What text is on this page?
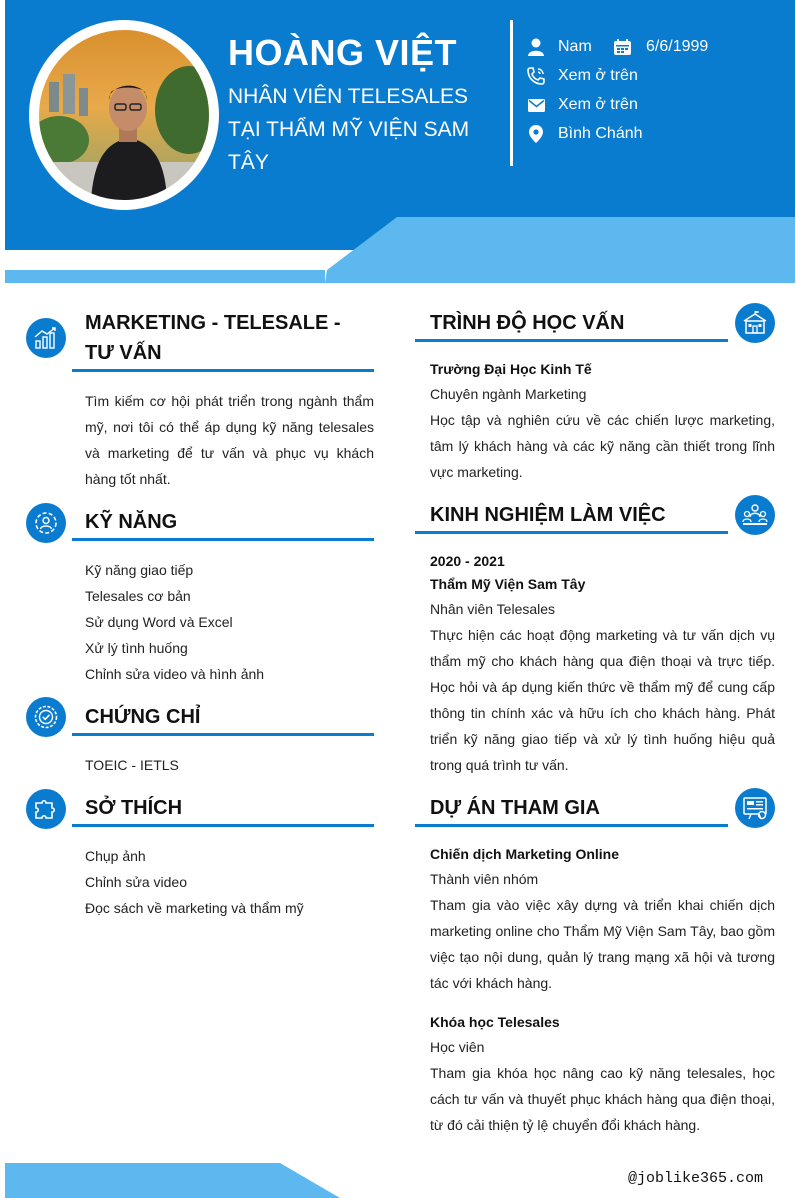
HOÀNG VIỆT
NHÂN VIÊN TELESALES TẠI THẨM MỸ VIỆN SAM TÂY
Nam	6/6/1999
Xem ở trên
Xem ở trên
Bình Chánh
MARKETING - TELESALE - TƯ VẤN
Tìm kiếm cơ hội phát triển trong ngành thẩm mỹ, nơi tôi có thể áp dụng kỹ năng telesales và marketing để tư vấn và phục vụ khách hàng tốt nhất.
KỸ NĂNG
Kỹ năng giao tiếp
Telesales cơ bản
Sử dụng Word và Excel
Xử lý tình huống
Chỉnh sửa video và hình ảnh
CHỨNG CHỈ
TOEIC - IETLS
SỞ THÍCH
Chụp ảnh
Chỉnh sửa video
Đọc sách về marketing và thẩm mỹ
TRÌNH ĐỘ HỌC VẤN
Trường Đại Học Kinh Tế
Chuyên ngành Marketing
Học tập và nghiên cứu về các chiến lược marketing, tâm lý khách hàng và các kỹ năng cần thiết trong lĩnh vực marketing.
KINH NGHIỆM LÀM VIỆC
2020 - 2021
Thẩm Mỹ Viện Sam Tây
Nhân viên Telesales
Thực hiện các hoạt động marketing và tư vấn dịch vụ thẩm mỹ cho khách hàng qua điện thoại và trực tiếp. Học hỏi và áp dụng kiến thức về thẩm mỹ để cung cấp thông tin chính xác và hữu ích cho khách hàng. Phát triển kỹ năng giao tiếp và xử lý tình huống hiệu quả trong quá trình tư vấn.
DỰ ÁN THAM GIA
Chiến dịch Marketing Online
Thành viên nhóm
Tham gia vào việc xây dựng và triển khai chiến dịch marketing online cho Thẩm Mỹ Viện Sam Tây, bao gồm việc tạo nội dung, quản lý trang mạng xã hội và tương tác với khách hàng.
Khóa học Telesales
Học viên
Tham gia khóa học nâng cao kỹ năng telesales, học cách tư vấn và thuyết phục khách hàng qua điện thoại, từ đó cải thiện tỷ lệ chuyển đổi khách hàng.
@joblike365.com
